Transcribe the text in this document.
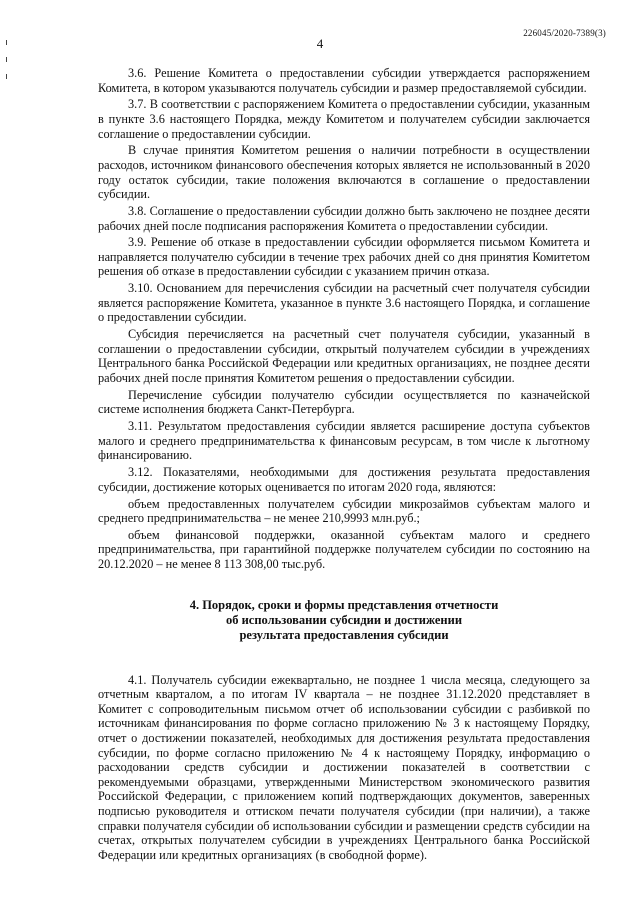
226045/2020-7389(3)
4

3.6. Решение Комитета о предоставлении субсидии утверждается распоряжением Комитета, в котором указываются получатель субсидии и размер предоставляемой субсидии.

3.7. В соответствии с распоряжением Комитета о предоставлении субсидии, указанным в пункте 3.6 настоящего Порядка, между Комитетом и получателем субсидии заключается соглашение о предоставлении субсидии.

В случае принятия Комитетом решения о наличии потребности в осуществлении расходов, источником финансового обеспечения которых является не использованный в 2020 году остаток субсидии, такие положения включаются в соглашение о предоставлении субсидии.

3.8. Соглашение о предоставлении субсидии должно быть заключено не позднее десяти рабочих дней после подписания распоряжения Комитета о предоставлении субсидии.

3.9. Решение об отказе в предоставлении субсидии оформляется письмом Комитета и направляется получателю субсидии в течение трех рабочих дней со дня принятия Комитетом решения об отказе в предоставлении субсидии с указанием причин отказа.

3.10. Основанием для перечисления субсидии на расчетный счет получателя субсидии является распоряжение Комитета, указанное в пункте 3.6 настоящего Порядка, и соглашение о предоставлении субсидии.

Субсидия перечисляется на расчетный счет получателя субсидии, указанный в соглашении о предоставлении субсидии, открытый получателем субсидии в учреждениях Центрального банка Российской Федерации или кредитных организациях, не позднее десяти рабочих дней после принятия Комитетом решения о предоставлении субсидии.

Перечисление субсидии получателю субсидии осуществляется по казначейской системе исполнения бюджета Санкт-Петербурга.

3.11. Результатом предоставления субсидии является расширение доступа субъектов малого и среднего предпринимательства к финансовым ресурсам, в том числе к льготному финансированию.

3.12. Показателями, необходимыми для достижения результата предоставления субсидии, достижение которых оценивается по итогам 2020 года, являются:

объем предоставленных получателем субсидии микрозаймов субъектам малого и среднего предпринимательства – не менее 210,9993 млн.руб.;

объем финансовой поддержки, оказанной субъектам малого и среднего предпринимательства, при гарантийной поддержке получателем субсидии по состоянию на 20.12.2020 – не менее 8 113 308,00 тыс.руб.

4. Порядок, сроки и формы представления отчетности
об использовании субсидии и достижении
результата предоставления субсидии

4.1. Получатель субсидии ежеквартально, не позднее 1 числа месяца, следующего за отчетным кварталом, а по итогам IV квартала – не позднее 31.12.2020 представляет в Комитет с сопроводительным письмом отчет об использовании субсидии с разбивкой по источникам финансирования по форме согласно приложению № 3 к настоящему Порядку, отчет о достижении показателей, необходимых для достижения результата предоставления субсидии, по форме согласно приложению № 4 к настоящему Порядку, информацию о расходовании средств субсидии и достижении показателей в соответствии с рекомендуемыми образцами, утвержденными Министерством экономического развития Российской Федерации, с приложением копий подтверждающих документов, заверенных подписью руководителя и оттиском печати получателя субсидии (при наличии), а также справки получателя субсидии об использовании субсидии и размещении средств субсидии на счетах, открытых получателем субсидии в учреждениях Центрального банка Российской Федерации или кредитных организациях (в свободной форме).
